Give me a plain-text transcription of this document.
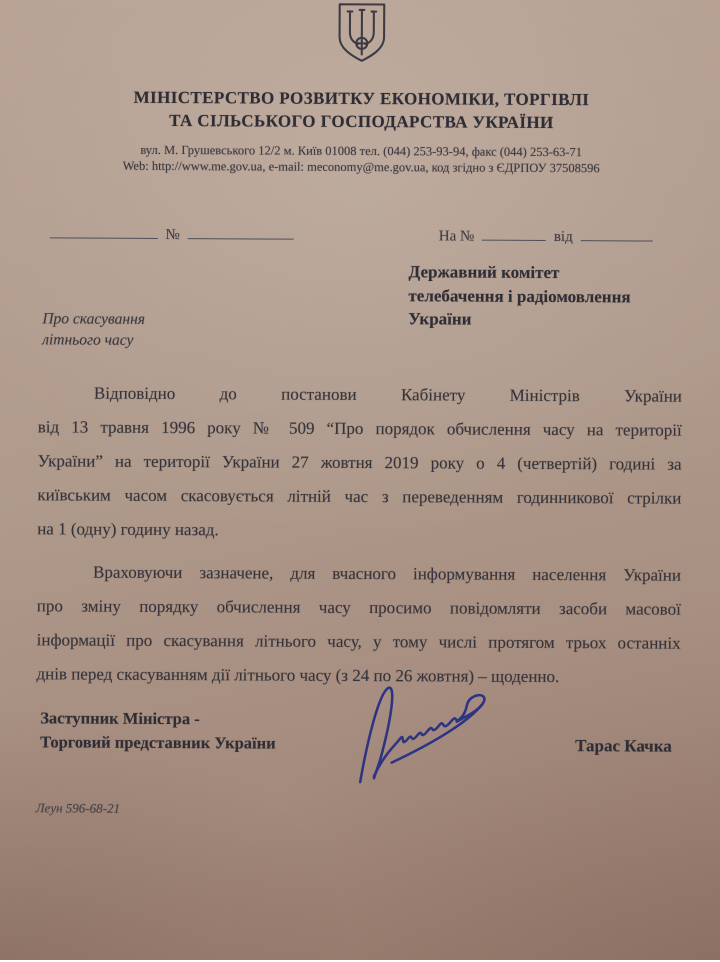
МІНІСТЕРСТВО РОЗВИТКУ ЕКОНОМІКИ, ТОРГІВЛІ
ТА СІЛЬСЬКОГО ГОСПОДАРСТВА УКРАЇНИ
вул. М. Грушевського 12/2 м. Київ 01008 тел. (044) 253-93-94, факс (044) 253-63-71
Web: http://www.me.gov.ua, e-mail: meconomy@me.gov.ua, код згідно з ЄДРПОУ 37508596
№	На №	від
Державний комітет
телебачення і радіомовлення
України
Про скасування
літнього часу
Відповідно до постанови Кабінету Міністрів України
від 13 травня 1996 року № 509 “Про порядок обчислення часу на території
України” на території України 27 жовтня 2019 року о 4 (четвертій) годині за
київським часом скасовується літній час з переведенням годинникової стрілки
на 1 (одну) годину назад.
Враховуючи зазначене, для вчасного інформування населення України
про зміну порядку обчислення часу просимо повідомляти засоби масової
інформації про скасування літнього часу, у тому числі протягом трьох останніх
днів перед скасуванням дії літнього часу (з 24 по 26 жовтня) – щоденно.
Заступник Міністра -
Торговий представник України	Тарас Качка
Леун 596-68-21
